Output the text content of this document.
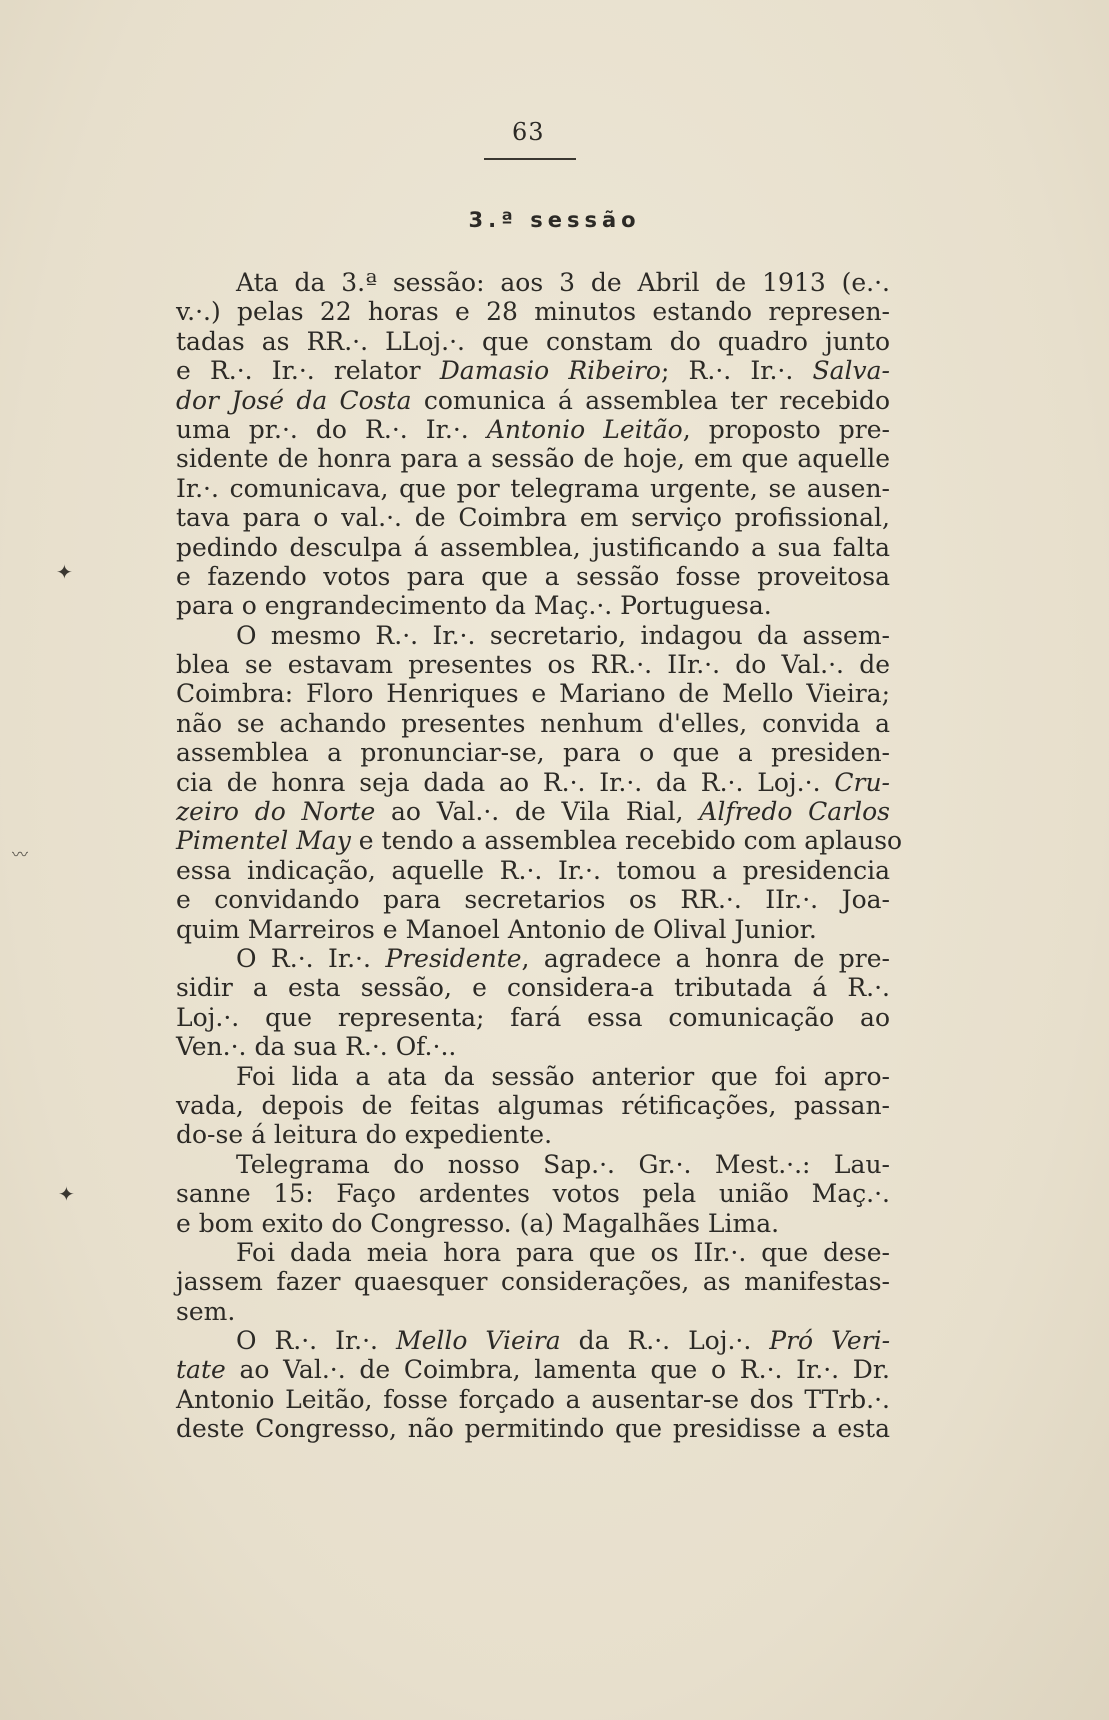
63
3.ª sessão
Ata da 3.ª sessão: aos 3 de Abril de 1913 (e.·.
v.·.) pelas 22 horas e 28 minutos estando represen-
tadas as RR.·. LLoj.·. que constam do quadro junto
e R.·. Ir.·. relator Damasio Ribeiro; R.·. Ir.·. Salva-
dor José da Costa comunica á assemblea ter recebido
uma pr.·. do R.·. Ir.·. Antonio Leitão, proposto pre-
sidente de honra para a sessão de hoje, em que aquelle
Ir.·. comunicava, que por telegrama urgente, se ausen-
tava para o val.·. de Coimbra em serviço profissional,
pedindo desculpa á assemblea, justificando a sua falta
e fazendo votos para que a sessão fosse proveitosa
para o engrandecimento da Maç.·. Portuguesa.
O mesmo R.·. Ir.·. secretario, indagou da assem-
blea se estavam presentes os RR.·. IIr.·. do Val.·. de
Coimbra: Floro Henriques e Mariano de Mello Vieira;
não se achando presentes nenhum d'elles, convida a
assemblea a pronunciar-se, para o que a presiden-
cia de honra seja dada ao R.·. Ir.·. da R.·. Loj.·. Cru-
zeiro do Norte ao Val.·. de Vila Rial, Alfredo Carlos
Pimentel May e tendo a assemblea recebido com aplauso
essa indicação, aquelle R.·. Ir.·. tomou a presidencia
e convidando para secretarios os RR.·. IIr.·. Joa-
quim Marreiros e Manoel Antonio de Olival Junior.
O R.·. Ir.·. Presidente, agradece a honra de pre-
sidir a esta sessão, e considera-a tributada á R.·.
Loj.·. que representa; fará essa comunicação ao
Ven.·. da sua R.·. Of.·..
Foi lida a ata da sessão anterior que foi apro-
vada, depois de feitas algumas rétificações, passan-
do-se á leitura do expediente.
Telegrama do nosso Sap.·. Gr.·. Mest.·.: Lau-
sanne 15: Faço ardentes votos pela união Maç.·.
e bom exito do Congresso. (a) Magalhães Lima.
Foi dada meia hora para que os IIr.·. que dese-
jassem fazer quaesquer considerações, as manifestas-
sem.
O R.·. Ir.·. Mello Vieira da R.·. Loj.·. Pró Veri-
tate ao Val.·. de Coimbra, lamenta que o R.·. Ir.·. Dr.
Antonio Leitão, fosse forçado a ausentar-se dos TTrb.·.
deste Congresso, não permitindo que presidisse a esta
✦
〰
✦
